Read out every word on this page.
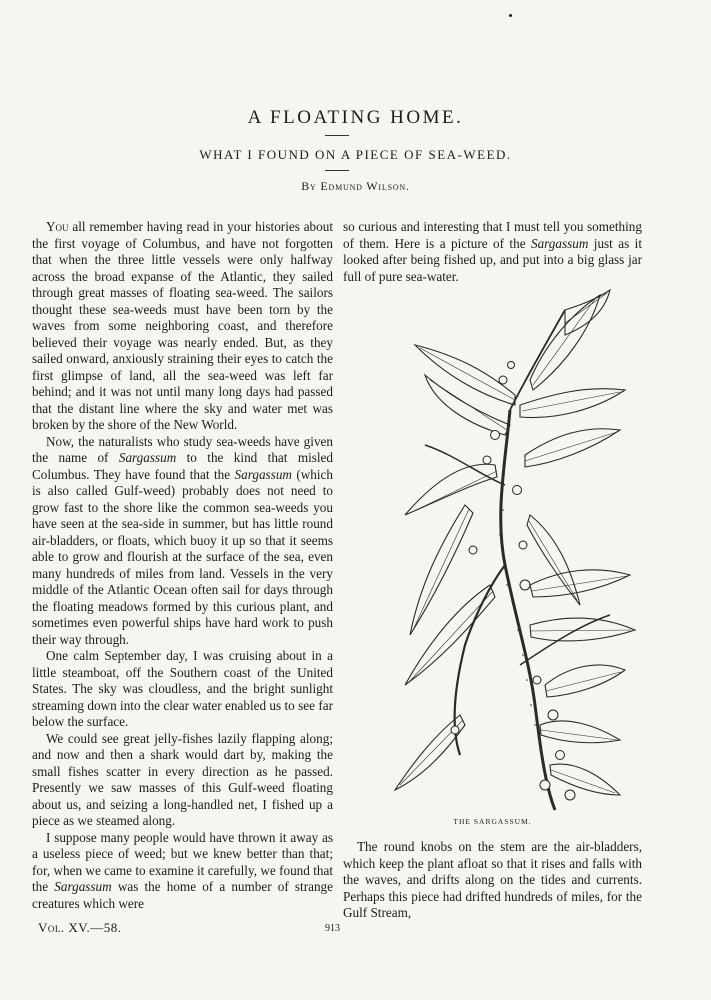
A FLOATING HOME.
WHAT I FOUND ON A PIECE OF SEA-WEED.
By Edmund Wilson.

You all remember having read in your histories about the first voyage of Columbus, and have not forgotten that when the three little vessels were only halfway across the broad expanse of the Atlantic, they sailed through great masses of floating sea-weed. The sailors thought these sea-weeds must have been torn by the waves from some neighboring coast, and therefore believed their voyage was nearly ended. But, as they sailed onward, anxiously straining their eyes to catch the first glimpse of land, all the sea-weed was left far behind; and it was not until many long days had passed that the distant line where the sky and water met was broken by the shore of the New World.

Now, the naturalists who study sea-weeds have given the name of Sargassum to the kind that misled Columbus. They have found that the Sargassum (which is also called Gulf-weed) probably does not need to grow fast to the shore like the common sea-weeds you have seen at the sea-side in summer, but has little round air-bladders, or floats, which buoy it up so that it seems able to grow and flourish at the surface of the sea, even many hundreds of miles from land. Vessels in the very middle of the Atlantic Ocean often sail for days through the floating meadows formed by this curious plant, and sometimes even powerful ships have hard work to push their way through.

One calm September day, I was cruising about in a little steamboat, off the Southern coast of the United States. The sky was cloudless, and the bright sunlight streaming down into the clear water enabled us to see far below the surface.

We could see great jelly-fishes lazily flapping along; and now and then a shark would dart by, making the small fishes scatter in every direction as he passed. Presently we saw masses of this Gulf-weed floating about us, and seizing a long-handled net, I fished up a piece as we steamed along.

I suppose many people would have thrown it away as a useless piece of weed; but we knew better than that; for, when we came to examine it carefully, we found that the Sargassum was the home of a number of strange creatures which were

so curious and interesting that I must tell you something of them. Here is a picture of the Sargassum just as it looked after being fished up, and put into a big glass jar full of pure sea-water.

THE SARGASSUM.

The round knobs on the stem are the air-bladders, which keep the plant afloat so that it rises and falls with the waves, and drifts along on the tides and currents. Perhaps this piece had drifted hundreds of miles, for the Gulf Stream,

Vol. XV.—58.	913
